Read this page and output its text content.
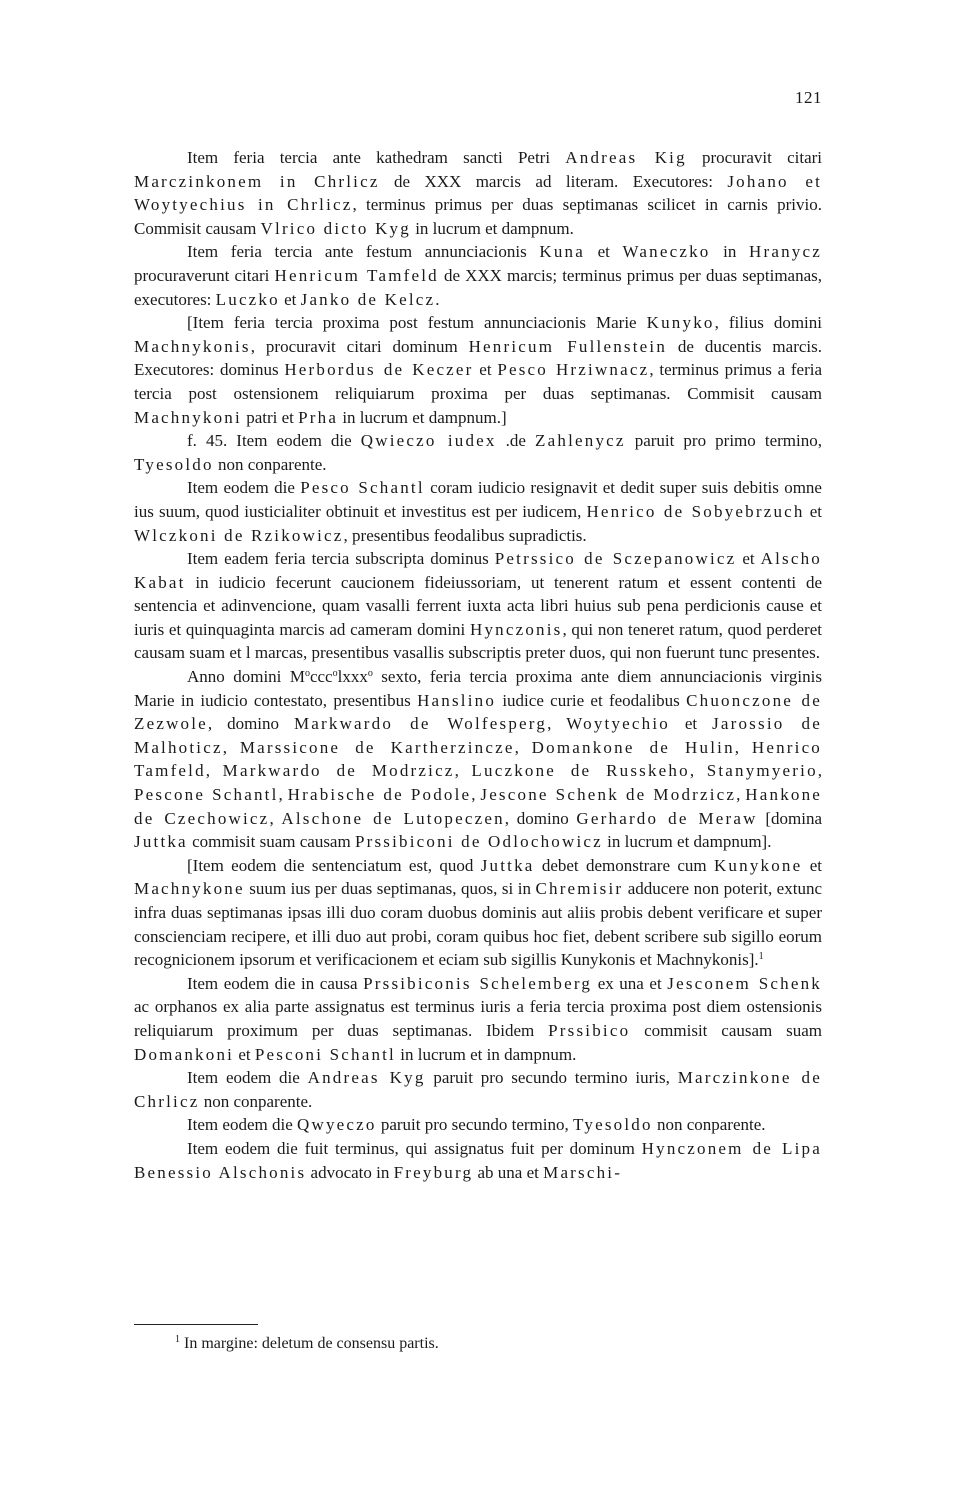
121

Item feria tercia ante kathedram sancti Petri Andreas Kig procuravit citari Marczinkonem in Chrlicz de XXX marcis ad literam. Executores: Johano et Woytyechius in Chrlicz, terminus primus per duas septimanas scilicet in carnis privio. Commisit causam Vlrico dicto Kyg in lucrum et dampnum.

Item feria tercia ante festum annunciacionis Kuna et Waneczko in Hranycz procuraverunt citari Henricum Tamfeld de XXX marcis; terminus primus per duas septimanas, executores: Luczko et Janko de Kelcz.

[Item feria tercia proxima post festum annunciacionis Marie Kunyko, filius domini Machnykonis, procuravit citari dominum Henricum Fullenstein de ducentis marcis. Executores: dominus Herbordus de Keczer et Pesco Hrziwnacz, terminus primus a feria tercia post ostensionem reliquiarum proxima per duas septimanas. Commisit causam Machnykoni patri et Prha in lucrum et dampnum.]

f. 45. Item eodem die Qwieczo iudex .de Zahlenycz paruit pro primo termino, Tyesoldo non conparente.

Item eodem die Pesco Schantl coram iudicio resignavit et dedit super suis debitis omne ius suum, quod iusticialiter obtinuit et investitus est per iudicem, Henrico de Sobyebrzuch et Wlczkoni de Rzikowicz, presentibus feodalibus supradictis.

Item eadem feria tercia subscripta dominus Petrssico de Sczepanowicz et Alscho Kabat in iudicio fecerunt caucionem fideiussoriam, ut tenerent ratum et essent contenti de sentencia et adinvencione, quam vasalli ferrent iuxta acta libri huius sub pena perdicionis cause et iuris et quinquaginta marcis ad cameram domini Hynczonis, qui non teneret ratum, quod perderet causam suam et l marcas, presentibus vasallis subscriptis preter duos, qui non fuerunt tunc presentes.

Anno domini $M^occc^olxxx^o$ sexto, feria tercia proxima ante diem annunciacionis virginis Marie in iudicio contestato, presentibus Hanslino iudice curie et feodalibus Chuonczone de Zezwole, domino Markwardo de Wolfesperg, Woytyechio et Jarossio de Malhoticz, Marssicone de Kartherzincze, Domankone de Hulin, Henrico Tamfeld, Markwardo de Modrzicz, Luczkone de Russkeho, Stanymyerio, Pescone Schantl, Hrabische de Podole, Jescone Schenk de Modrzicz, Hankone de Czechowicz, Alschone de Lutopeczen, domino Gerhardo de Meraw [domina Juttka commisit suam causam Prssibiconi de Odlochowicz in lucrum et dampnum].

[Item eodem die sentenciatum est, quod Juttka debet demonstrare cum Kunykone et Machnykone suum ius per duas septimanas, quos, si in Chremisir adducere non poterit, extunc infra duas septimanas ipsas illi duo coram duobus dominis aut aliis probis debent verificare et super conscienciam recipere, et illi duo aut probi, coram quibus hoc fiet, debent scribere sub sigillo eorum recognicionem ipsorum et verificacionem et eciam sub sigillis Kunykonis et Machnykonis].$^1$

Item eodem die in causa Prssibiconis Schelemberg ex una et Jesconem Schenk ac orphanos ex alia parte assignatus est terminus iuris a feria tercia proxima post diem ostensionis reliquiarum proximum per duas septimanas. Ibidem Prssibico commisit causam suam Domankoni et Pesconi Schantl in lucrum et in dampnum.

Item eodem die Andreas Kyg paruit pro secundo termino iuris, Marczinkone de Chrlicz non conparente.

Item eodem die Qwyeczo paruit pro secundo termino, Tyesoldo non conparente.

Item eodem die fuit terminus, qui assignatus fuit per dominum Hynczonem de Lipa Benessio Alschonis advocato in Freyburg ab una et Marschi-

$^1$ In margine: deletum de consensu partis.
